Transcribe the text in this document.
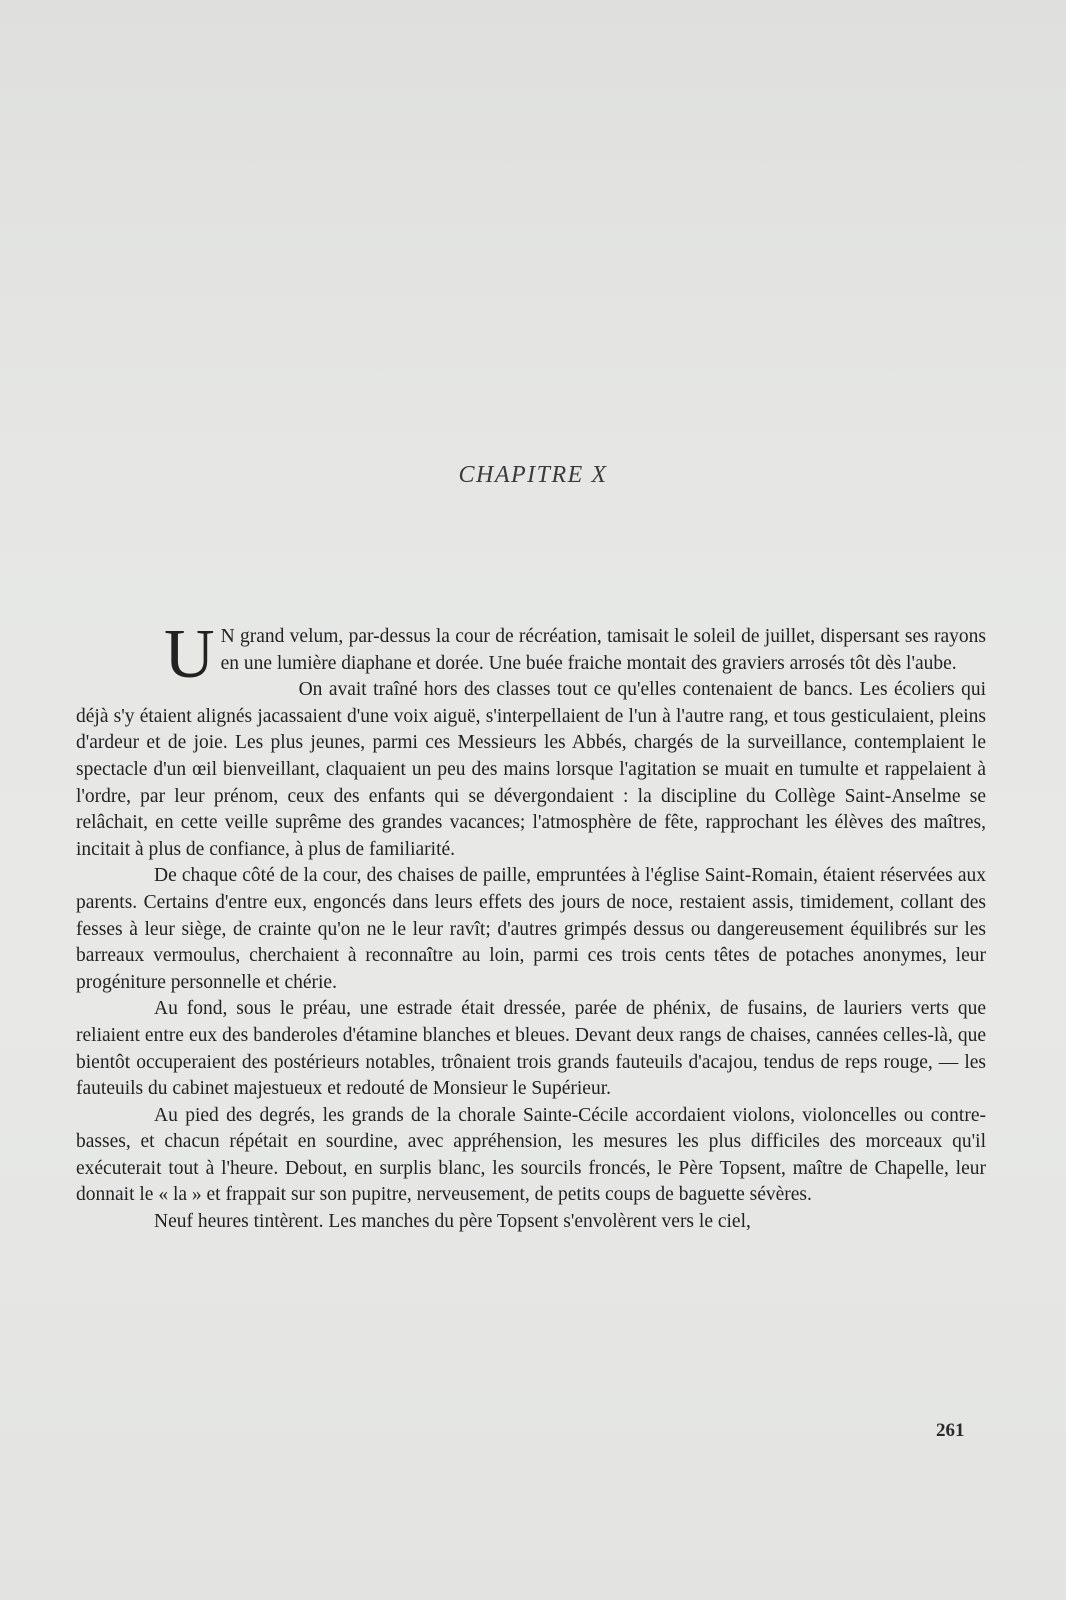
CHAPITRE X

U N grand velum, par-dessus la cour de récréation, tamisait le soleil de juillet, dispersant ses rayons en une lumière diaphane et dorée. Une buée fraiche montait des graviers arrosés tôt dès l'aube.

On avait traîné hors des classes tout ce qu'elles contenaient de bancs. Les écoliers qui déjà s'y étaient alignés jacassaient d'une voix aiguë, s'interpellaient de l'un à l'autre rang, et tous gesticulaient, pleins d'ardeur et de joie. Les plus jeunes, parmi ces Messieurs les Abbés, chargés de la surveillance, contemplaient le spectacle d'un œil bienveillant, claquaient un peu des mains lorsque l'agitation se muait en tumulte et rappelaient à l'ordre, par leur prénom, ceux des enfants qui se dévergondaient : la discipline du Collège Saint-Anselme se relâchait, en cette veille suprême des grandes vacances; l'atmosphère de fête, rapprochant les élèves des maîtres, incitait à plus de confiance, à plus de familiarité.

De chaque côté de la cour, des chaises de paille, empruntées à l'église Saint-Romain, étaient réservées aux parents. Certains d'entre eux, engoncés dans leurs effets des jours de noce, restaient assis, timidement, collant des fesses à leur siège, de crainte qu'on ne le leur ravît; d'autres grimpés dessus ou dangereusement équilibrés sur les barreaux vermoulus, cherchaient à reconnaître au loin, parmi ces trois cents têtes de potaches anonymes, leur progéniture personnelle et chérie.

Au fond, sous le préau, une estrade était dressée, parée de phénix, de fusains, de lauriers verts que reliaient entre eux des banderoles d'étamine blanches et bleues. Devant deux rangs de chaises, cannées celles-là, que bientôt occuperaient des postérieurs notables, trônaient trois grands fauteuils d'acajou, tendus de reps rouge, — les fauteuils du cabinet majestueux et redouté de Monsieur le Supérieur.

Au pied des degrés, les grands de la chorale Sainte-Cécile accordaient violons, violoncelles ou contre-basses, et chacun répétait en sourdine, avec appréhension, les mesures les plus difficiles des morceaux qu'il exécuterait tout à l'heure. Debout, en surplis blanc, les sourcils froncés, le Père Topsent, maître de Chapelle, leur donnait le « la » et frappait sur son pupitre, nerveusement, de petits coups de baguette sévères.

Neuf heures tintèrent. Les manches du père Topsent s'envolèrent vers le ciel,

261
